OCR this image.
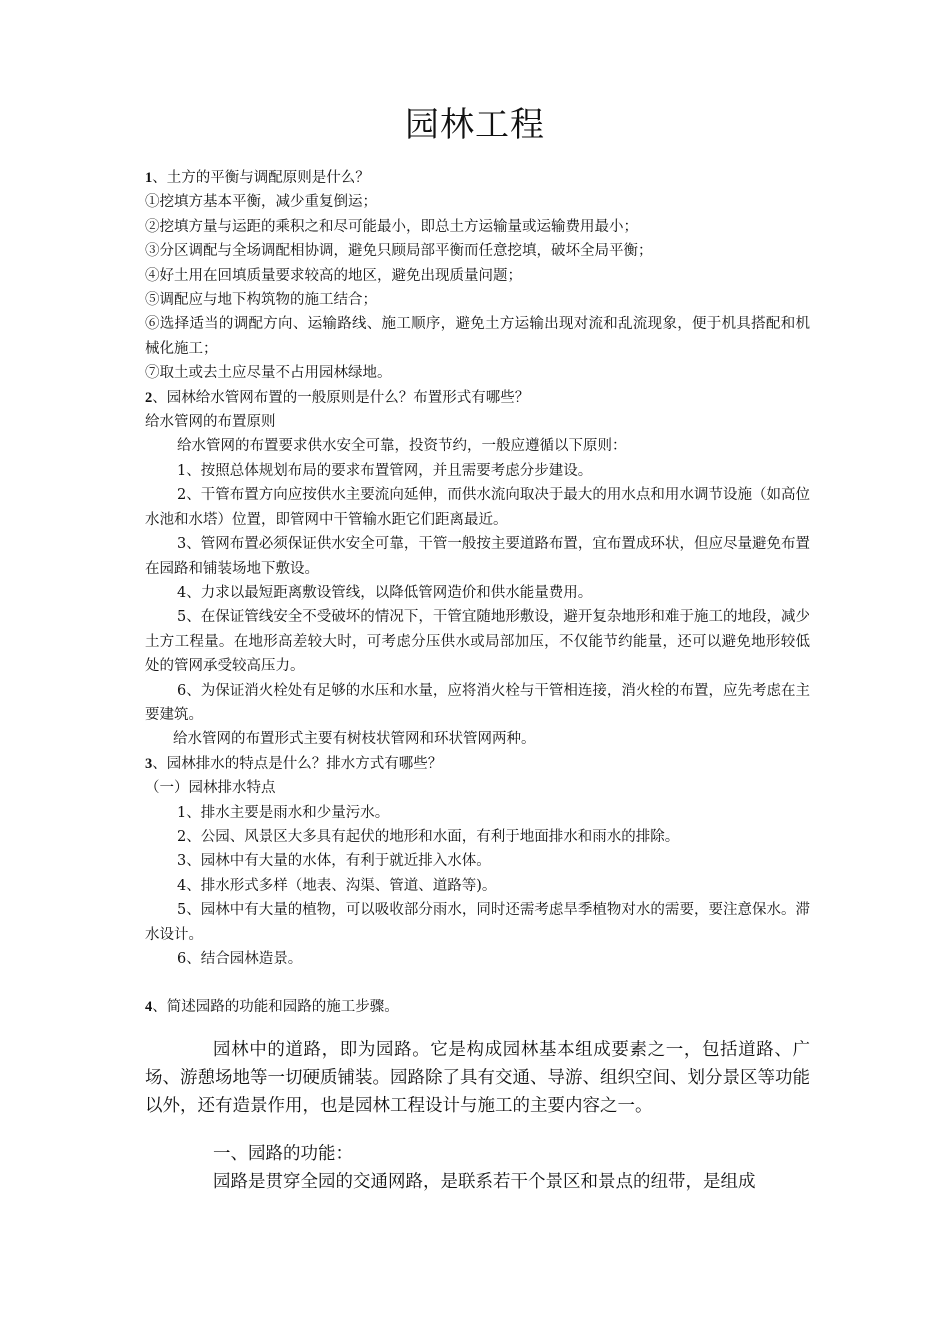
园林工程

1、土方的平衡与调配原则是什么？

①挖填方基本平衡，减少重复倒运；

②挖填方量与运距的乘积之和尽可能最小，即总土方运输量或运输费用最小；

③分区调配与全场调配相协调，避免只顾局部平衡而任意挖填，破坏全局平衡；

④好土用在回填质量要求较高的地区，避免出现质量问题；

⑤调配应与地下构筑物的施工结合；

⑥选择适当的调配方向、运输路线、施工顺序，避免土方运输出现对流和乱流现象，便于机具搭配和机械化施工；

⑦取土或去土应尽量不占用园林绿地。

2、园林给水管网布置的一般原则是什么？布置形式有哪些？

给水管网的布置原则

给水管网的布置要求供水安全可靠，投资节约，一般应遵循以下原则：

1、按照总体规划布局的要求布置管网，并且需要考虑分步建设。

2、干管布置方向应按供水主要流向延伸，而供水流向取决于最大的用水点和用水调节设施（如高位水池和水塔）位置，即管网中干管输水距它们距离最近。

3、管网布置必须保证供水安全可靠，干管一般按主要道路布置，宜布置成环状，但应尽量避免布置在园路和铺装场地下敷设。

4、力求以最短距离敷设管线，以降低管网造价和供水能量费用。

5、在保证管线安全不受破坏的情况下，干管宜随地形敷设，避开复杂地形和难于施工的地段，减少土方工程量。在地形高差较大时，可考虑分压供水或局部加压，不仅能节约能量，还可以避免地形较低处的管网承受较高压力。

6、为保证消火栓处有足够的水压和水量，应将消火栓与干管相连接，消火栓的布置，应先考虑在主要建筑。

给水管网的布置形式主要有树枝状管网和环状管网两种。

3、园林排水的特点是什么？排水方式有哪些？

（一）园林排水特点

1、排水主要是雨水和少量污水。

2、公园、风景区大多具有起伏的地形和水面，有利于地面排水和雨水的排除。

3、园林中有大量的水体，有利于就近排入水体。

4、排水形式多样（地表、沟渠、管道、道路等)。

5、园林中有大量的植物，可以吸收部分雨水，同时还需考虑旱季植物对水的需要，要注意保水。滞水设计。

6、结合园林造景。

4、简述园路的功能和园路的施工步骤。

园林中的道路，即为园路。它是构成园林基本组成要素之一，包括道路、广场、游憩场地等一切硬质铺装。园路除了具有交通、导游、组织空间、划分景区等功能以外，还有造景作用，也是园林工程设计与施工的主要内容之一。

一、园路的功能：

园路是贯穿全园的交通网路，是联系若干个景区和景点的纽带，是组成
